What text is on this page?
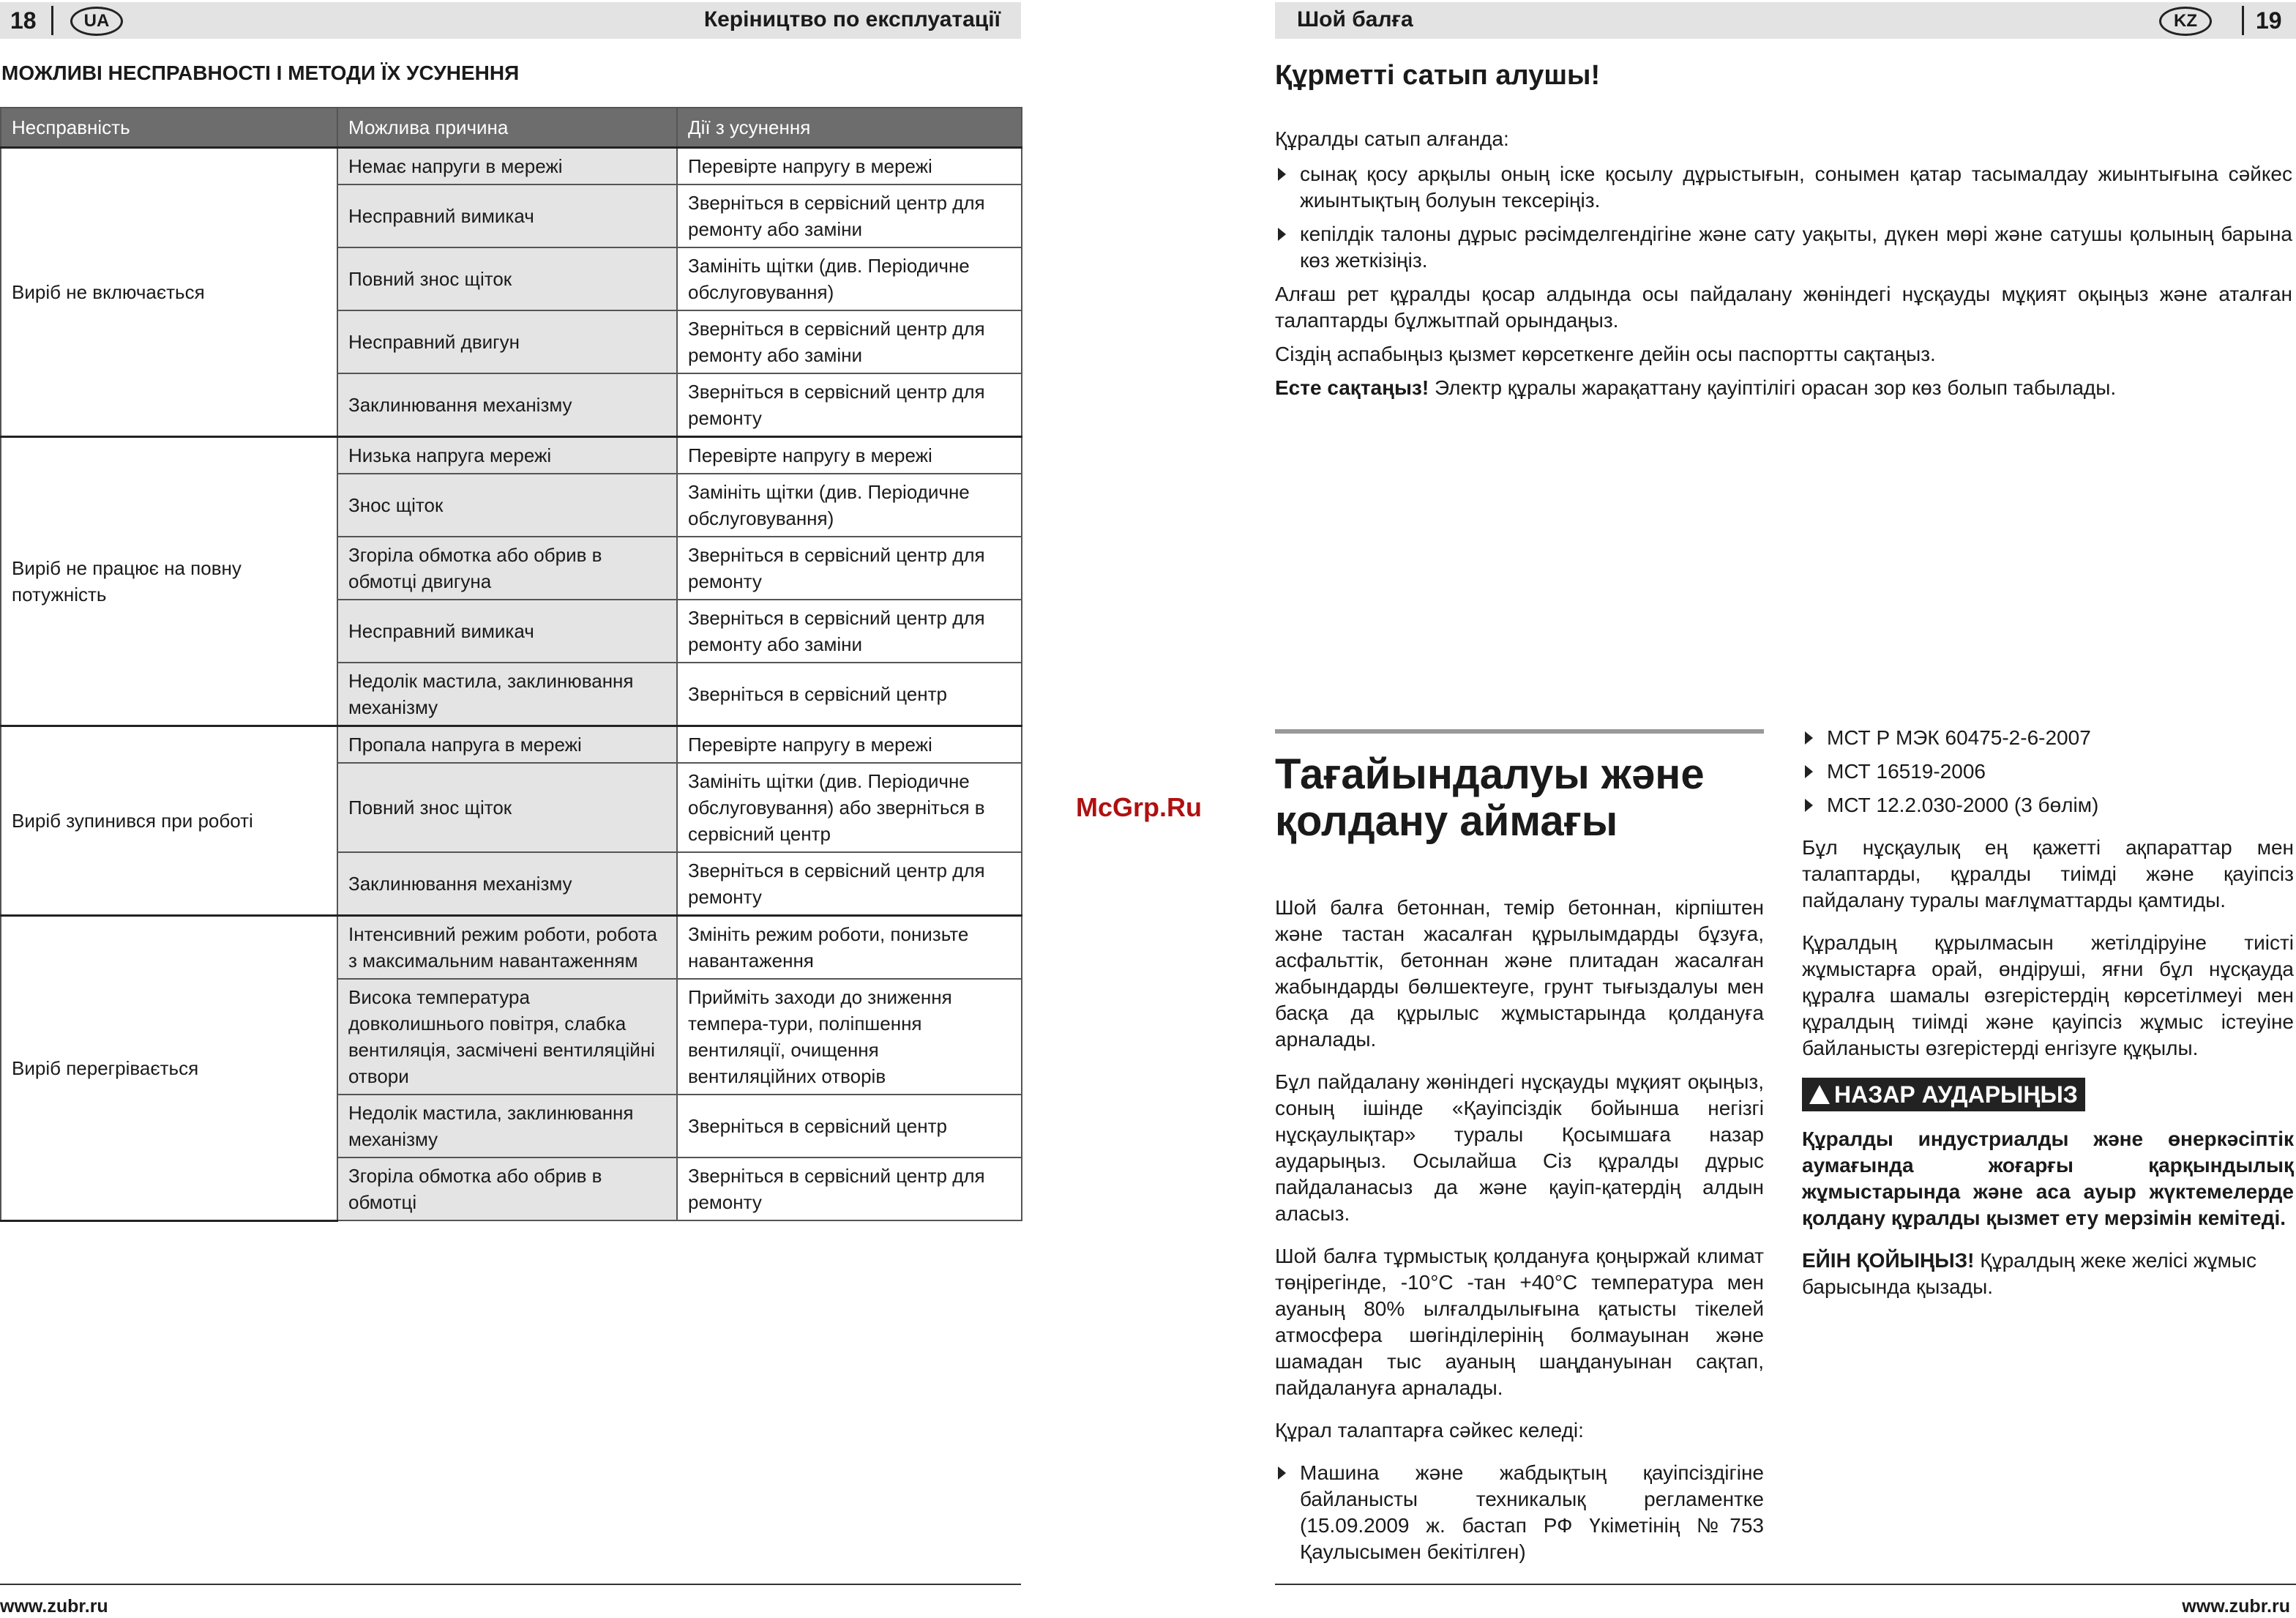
18	UA	Керіництво по експлуатації
МОЖЛИВІ НЕСПРАВНОСТІ І МЕТОДИ ЇХ УСУНЕННЯ
Несправність	Можлива причина	Дії з усунення
Виріб не включається	Немає напруги в мережі	Перевірте напругу в мережі
	Несправний вимикач	Зверніться в сервісний центр для ремонту або заміни
	Повний знос щіток	Замініть щітки (див. Періодичне обслуговування)
	Несправний двигун	Зверніться в сервісний центр для ремонту або заміни
	Заклинювання механізму	Зверніться в сервісний центр для ремонту
Виріб не працює на повну потужність	Низька напруга мережі	Перевірте напругу в мережі
	Знос щіток	Замініть щітки (див. Періодичне обслуговування)
	Згоріла обмотка або обрив в обмотці двигуна	Зверніться в сервісний центр для ремонту
	Несправний вимикач	Зверніться в сервісний центр для ремонту або заміни
	Недолік мастила, заклинювання механізму	Зверніться в сервісний центр
Виріб зупинився при роботі	Пропала напруга в мережі	Перевірте напругу в мережі
	Повний знос щіток	Замініть щітки (див. Періодичне обслуговування) або зверніться в сервісний центр
	Заклинювання механізму	Зверніться в сервісний центр для ремонту
Виріб перегрівається	Інтенсивний режим роботи, робота з максимальним навантаженням	Змініть режим роботи, понизьте навантаження
	Висока температура довколишнього повітря, слабка вентиляція, засмічені вентиляційні отвори	Прийміть заходи до зниження темпера-тури, поліпшення вентиляції, очищення вентиляційних отворів
	Недолік мастила, заклинювання механізму	Зверніться в сервісний центр
	Згоріла обмотка або обрив в обмотці	Зверніться в сервісний центр для ремонту
www.zubr.ru
McGrp.Ru
Шой балға	KZ	19
Құрметті сатып алушы!

Құралды сатып алғанда:

сынақ қосу арқылы оның іске қосылу дұрыстығын, сонымен қатар тасымалдау жиынтығына сәйкес жиынтықтың болуын тексеріңіз.
кепілдік талоны дұрыс рәсімделгендігіне және сату уақыты, дүкен мөрі және сатушы қолының барына көз жеткізіңіз.

Алғаш рет құралды қосар алдында осы пайдалану жөніндегі нұсқауды мұқият оқыңыз және аталған талаптарды бұлжытпай орындаңыз.

Сіздің аспабыңыз қызмет көрсеткенге дейін осы паспортты сақтаңыз.

Есте сақтаңыз! Электр құралы жарақаттану қауіптілігі орасан зор көз болып табылады.

Тағайындалуы және қолдану аймағы

Шой балға бетоннан, темір бетоннан, кірпіштен және тастан жасалған құрылымдарды бұзуға, асфальттік, бетоннан және плитадан жасалған жабындарды бөлшектеуге, грунт тығыздалуы мен басқа да құрылыс жұмыстарында қолдануға арналады.

Бұл пайдалану жөніндегі нұсқауды мұқият оқыңыз, соның ішінде «Қауіпсіздік бойынша негізгі нұсқаулықтар» туралы Қосымшаға назар аударыңыз. Осылайша Сіз құралды дұрыс пайдаланасыз да және қауіп-қатердің алдын аласыз.

Шой балға тұрмыстық қолдануға қоңыржай климат төңірегінде, -10°С -тан +40°С температура мен ауаның 80% ылғалдылығына қатысты тікелей атмосфера шөгінділерінің болмауынан және шамадан тыс ауаның шаңдануынан сақтап, пайдалануға арналады.

Құрал талаптарға сәйкес келеді:

Машина және жабдықтың қауіпсіздігіне байланысты техникалық регламентке (15.09.2009 ж. бастап РФ Үкіметінің №753 Қаулысымен бекітілген)
МСТ Р МЭК 60475-2-6-2007
МСТ 16519-2006
МСТ 12.2.030-2000 (3 бөлім)

Бұл нұсқаулық ең қажетті ақпараттар мен талаптарды, құралды тиімді және қауіпсіз пайдалану туралы мағлұматтарды қамтиды.

Құралдың құрылмасын жетілдіруіне тиісті жұмыстарға орай, өндіруші, яғни бұл нұсқауда құралға шамалы өзгерістердің көрсетілмеуі мен құралдың тиімді және қауіпсіз жұмыс істеуіне байланысты өзгерістерді енгізуге құқылы.

НАЗАР АУДАРЫҢЫЗ

Құралды индустриалды және өнеркәсіптік аумағында жоғарғы қарқындылық жұмыстарында және аса ауыр жүктемелерде қолдану құралды қызмет ету мерзімін кемітеді.

ЕЙІН ҚОЙЫҢЫЗ! Құралдың жеке желісі жұмыс барысында қызады.

www.zubr.ru
